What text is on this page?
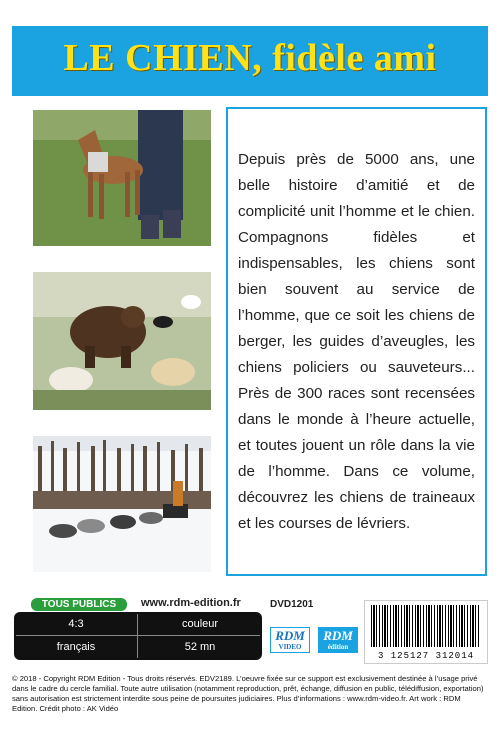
LE CHIEN, fidèle ami

Depuis près de 5000 ans, une belle histoire d’amitié et de complicité unit l’homme et le chien. Compagnons fidèles et indispensables, les chiens sont bien souvent au service de l’homme, que ce soit les chiens de berger, les guides d’aveugles, les chiens policiers ou sauveteurs... Près de 300 races sont recensées dans le monde à l’heure actuelle, et toutes jouent un rôle dans la vie de l’homme. Dans ce volume, découvrez les chiens de traineaux et les courses de lévriers.

TOUS PUBLICS	www.rdm-edition.fr	DVD1201
4:3	couleur
français	52 mn
RDM
VIDEO
RDM
édition
3 125127 312014
© 2018 - Copyright RDM Edition - Tous droits réservés. EDV2189. L’oeuvre fixée sur ce support est exclusivement destinée à l’usage privé dans le cadre du cercle familial. Toute autre utilisation (notamment reproduction, prêt, échange, diffusion en public, télédiffusion, exportation) sans autorisation est strictement interdite sous peine de poursuites judiciaires. Plus d’informations : www.rdm-video.fr. Art work : RDM Edition. Crédit photo : AK Vidéo
